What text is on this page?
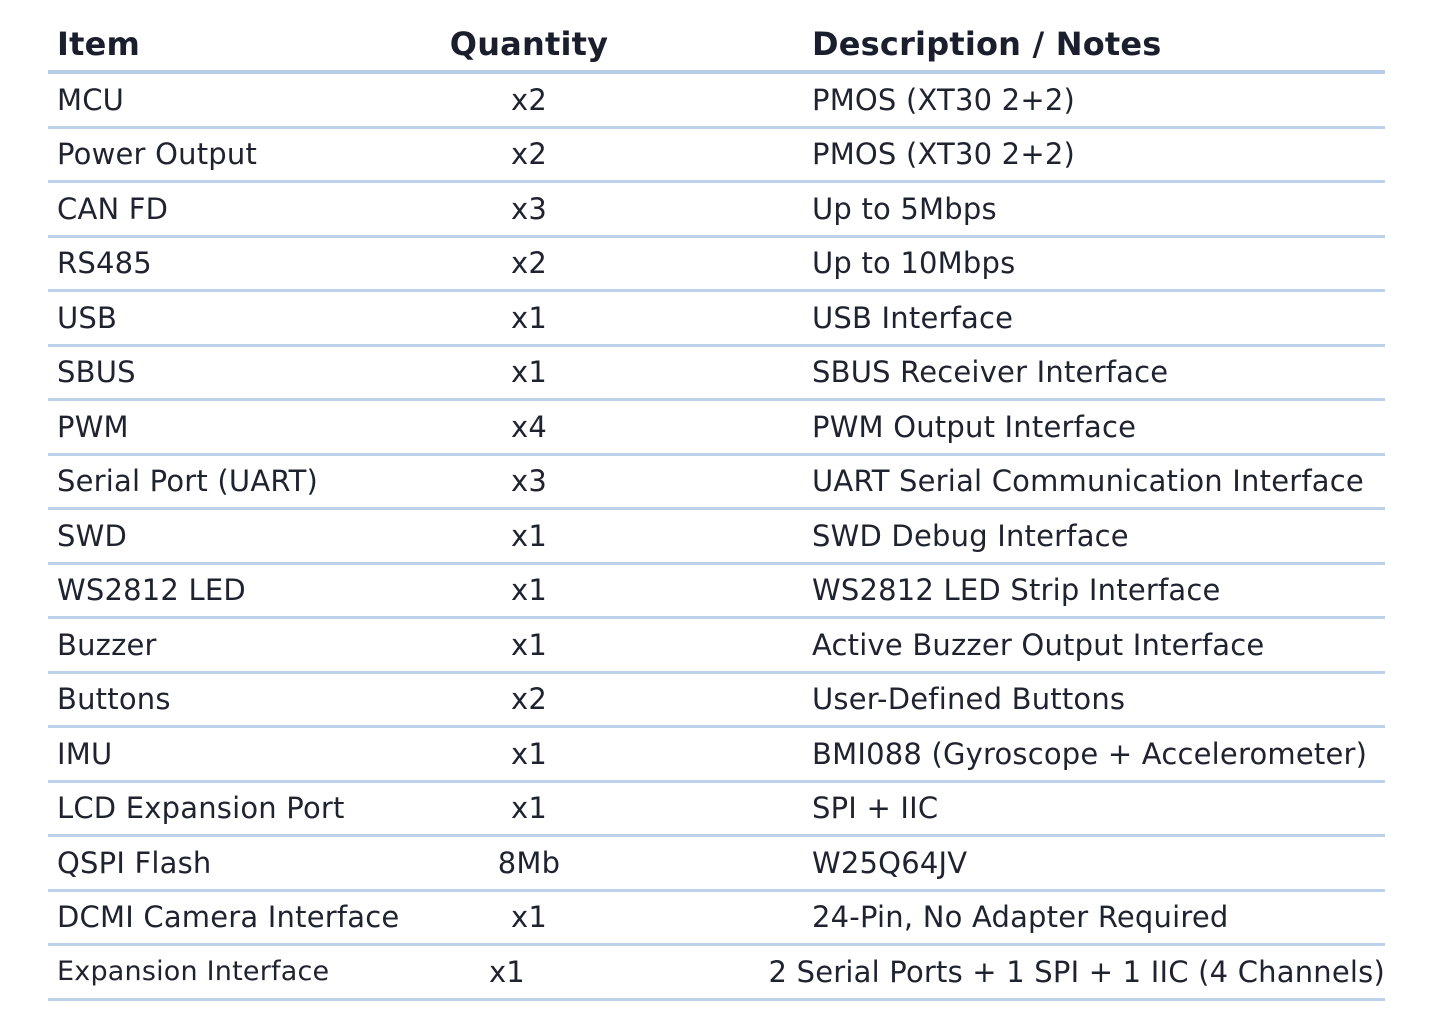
Item	Quantity	Description / Notes
MCU	x2	PMOS (XT30 2+2)
Power Output	x2	PMOS (XT30 2+2)
CAN FD	x3	Up to 5Mbps
RS485	x2	Up to 10Mbps
USB	x1	USB Interface
SBUS	x1	SBUS Receiver Interface
PWM	x4	PWM Output Interface
Serial Port (UART)	x3	UART Serial Communication Interface
SWD	x1	SWD Debug Interface
WS2812 LED	x1	WS2812 LED Strip Interface
Buzzer	x1	Active Buzzer Output Interface
Buttons	x2	User-Defined Buttons
IMU	x1	BMI088 (Gyroscope + Accelerometer)
LCD Expansion Port	x1	SPI + IIC
QSPI Flash	8Mb	W25Q64JV
DCMI Camera Interface	x1	24-Pin, No Adapter Required
Expansion Interface	x1	2 Serial Ports + 1 SPI + 1 IIC (4 Channels)
